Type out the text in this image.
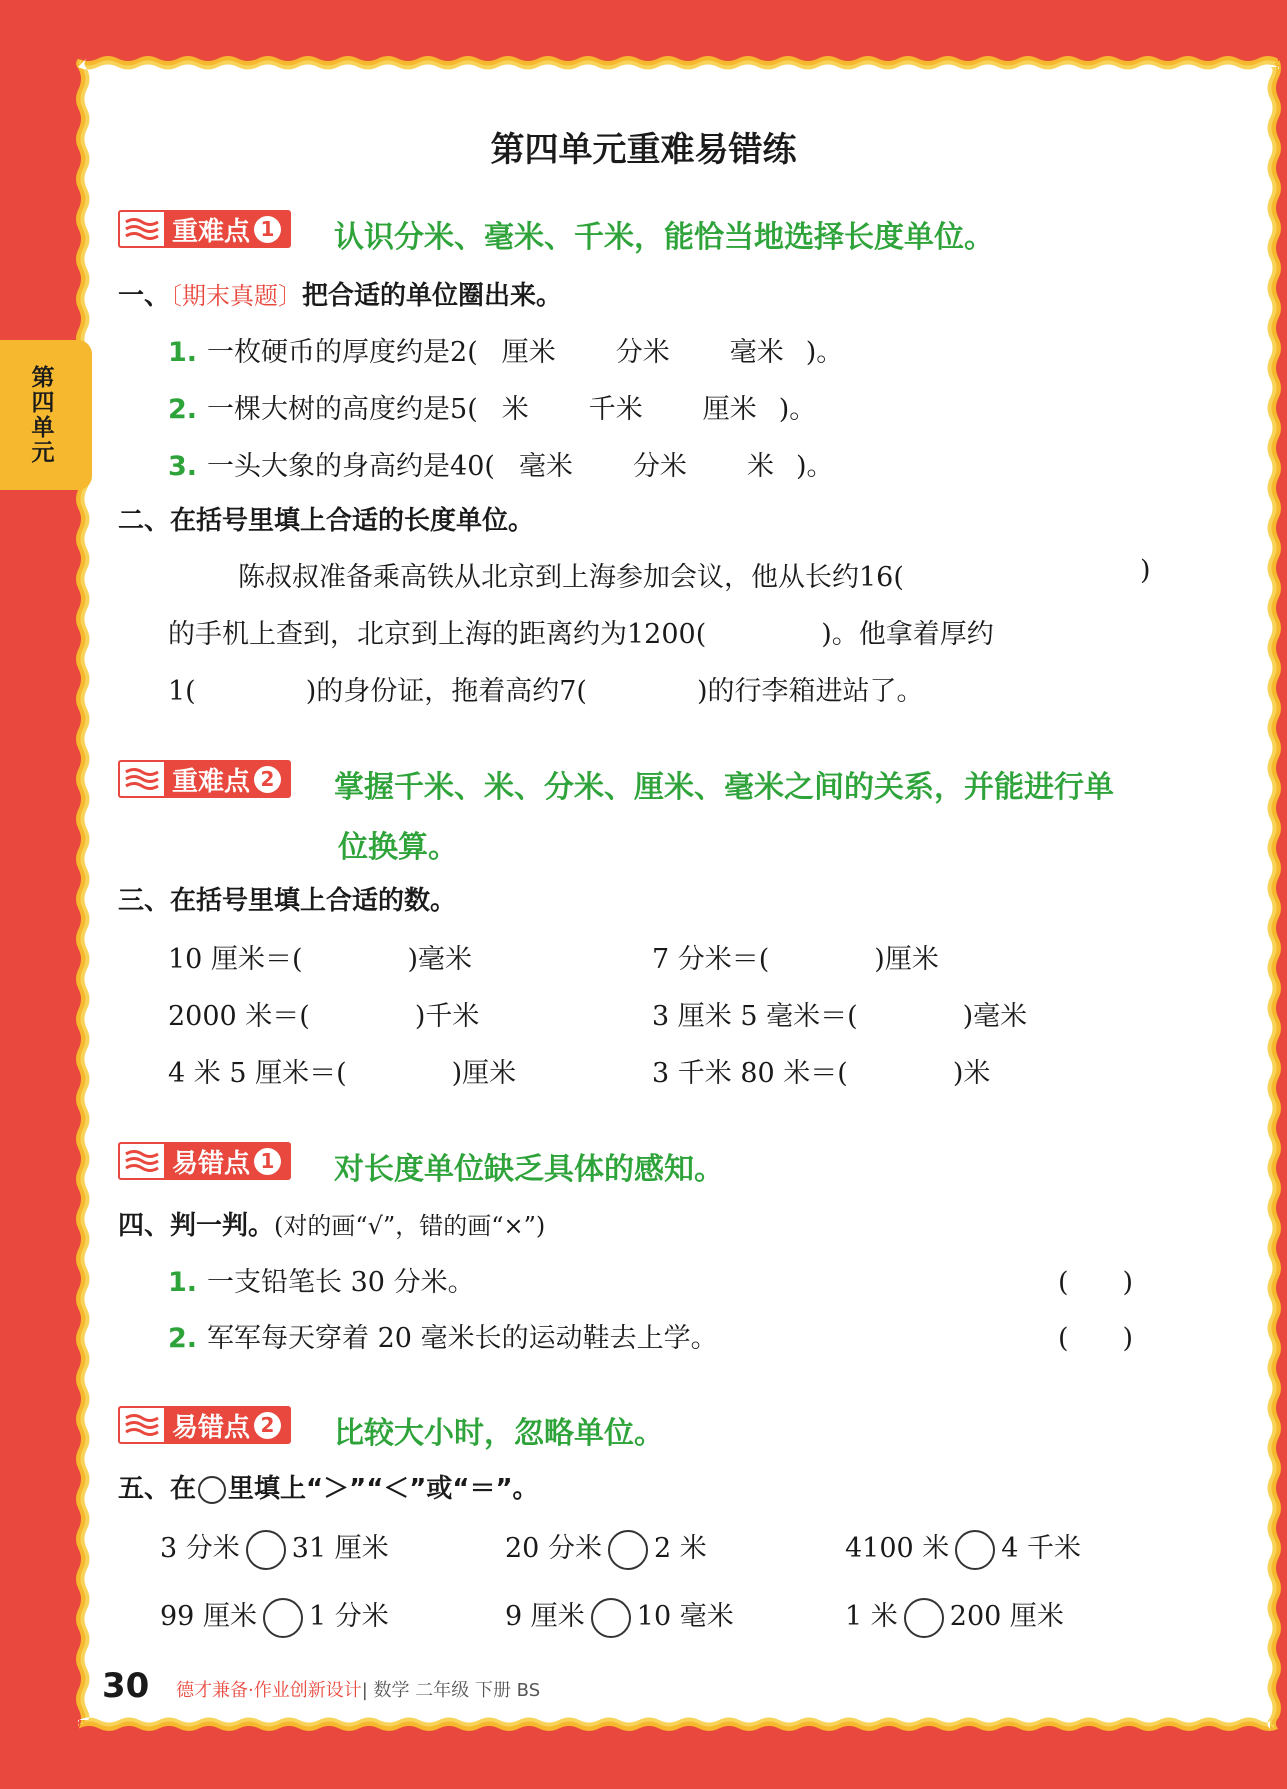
第四单元
第四单元重难易错练
重难点 1 认识分米、毫米、千米，能恰当地选择长度单位。
一、〔期末真题〕把合适的单位圈出来。
1. 一枚硬币的厚度约是2( 厘米 分米 毫米 )。
2. 一棵大树的高度约是5( 米 千米 厘米 )。
3. 一头大象的身高约是40( 毫米 分米 米 )。
二、在括号里填上合适的长度单位。
陈叔叔准备乘高铁从北京到上海参加会议，他从长约16(	)
的手机上查到，北京到上海的距离约为1200(	)。他拿着厚约
1(	)的身份证，拖着高约7(	)的行李箱进站了。
重难点 2 掌握千米、米、分米、厘米、毫米之间的关系，并能进行单
位换算。
三、在括号里填上合适的数。
10 厘米＝(	)毫米	7 分米＝(	)厘米
2000 米＝(	)千米	3 厘米 5 毫米＝(	)毫米
4 米 5 厘米＝(	)厘米	3 千米 80 米＝(	)米
易错点 1 对长度单位缺乏具体的感知。
四、判一判。(对的画“√”，错的画“×”)
1. 一支铅笔长 30 分米。	(　　)
2. 军军每天穿着 20 毫米长的运动鞋去上学。	(　　)
易错点 2 比较大小时，忽略单位。
五、在 里填上“＞”“＜”或“＝”。
3 分米 31 厘米	20 分米 2 米	4100 米 4 千米
99 厘米 1 分米	9 厘米 10 毫米	1 米 200 厘米
30 德才兼备·作业创新设计| 数学 二年级 下册 BS
